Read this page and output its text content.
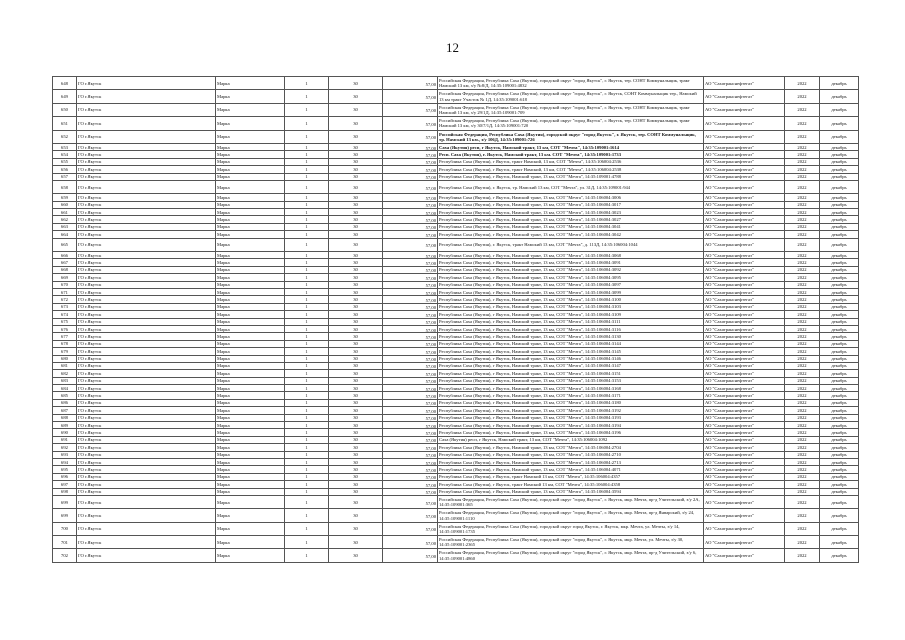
12
648	ГО г.Якутск	Марка	1	30	57,00	Российская Федерация, Республика Саха (Якутия), городской округ "город Якутск", г. Якутск, тер. СОНТ Коммунальщик, тракт Намский 13 км, з/у №8/Д, 14:35:109001:4832	АО "Сахатранснефтегаз"	2022	декабрь
649	ГО г.Якутск	Марка	1	30	57,00	Российская Федерация, Республика Саха (Якутия), городской округ "город Якутск", г. Якутск, СОНТ Коммунальщик тер., Намский 13 км тракт Участок № 1Д, 14:35:109001:618	АО "Сахатранснефтегаз"	2022	декабрь
650	ГО г.Якутск	Марка	1	30	57,00	Российская Федерация, Республика Саха (Якутия), городской округ "город Якутск", г. Якутск, тер. СОНТ Коммунальщик, тракт Намский 13 км, з/у 29/1Д, 14:35:109001:709	АО "Сахатранснефтегаз"	2022	декабрь
651	ГО г.Якутск	Марка	1	30	57,00	Российская Федерация, Республика Саха (Якутия), городской округ "город Якутск", г. Якутск, тер. СОНТ Коммунальщик, тракт Намский 13 км, з/у 30/7/1Д, 14:35:109001:720	АО "Сахатранснефтегаз"	2022	декабрь
652	ГО г.Якутск	Марка	1	30	57,00	Российская Федерация, Республика Саха (Якутия), городской округ "город Якутск", г. Якутск, тер. СОНТ Коммунальщик, тр. Намский 13 км., з/у 106Д, 14:35:109001:726	АО "Сахатранснефтегаз"	2022	декабрь
653	ГО г.Якутск	Марка	1	30	57,00	Саха (Якутия) респ, г Якутск, Намский тракт, 13 км, СОТ "Мечта", 14:35:109001:1614	АО "Сахатранснефтегаз"	2022	декабрь
654	ГО г.Якутск	Марка	1	30	57,00	Респ. Саха (Якутия), г. Якутск, Намский тракт, 13 км. СОТ "Мечта", 14:35:109001:1733	АО "Сахатранснефтегаз"	2022	декабрь
655	ГО г.Якутск	Марка	1	30	57,00	Республика Саха (Якутия), г Якутск, тракт Намский, 13 км, СОТ "Мечта", 14:35:106004:2536	АО "Сахатранснефтегаз"	2022	декабрь
656	ГО г.Якутск	Марка	1	30	57,00	Республика Саха (Якутия), г Якутск, тракт Намский, 13 км, СОТ "Мечта", 14:35:106004:2538	АО "Сахатранснефтегаз"	2022	декабрь
657	ГО г.Якутск	Марка	1	30	57,00	Республика Саха (Якутия), г Якутск, Намский тракт, 13 км, СОТ "Мечта", 14:35:109001:4788	АО "Сахатранснефтегаз"	2022	декабрь
658	ГО г.Якутск	Марка	1	30	57,00	Республика Саха (Якутия), г. Якутск, тр. Намский 13 км, СОТ "Мечта", ул. 31Д, 14:35:109001:944	АО "Сахатранснефтегаз"	2022	декабрь
659	ГО г.Якутск	Марка	1	30	57,00	Республика Саха (Якутия), г Якутск, Намский тракт, 13 км, СОТ "Мечта", 14:35:106004:3006	АО "Сахатранснефтегаз"	2022	декабрь
660	ГО г.Якутск	Марка	1	30	57,00	Республика Саха (Якутия), г Якутск, Намский тракт, 13 км, СОТ "Мечта", 14:35:106004:3017	АО "Сахатранснефтегаз"	2022	декабрь
661	ГО г.Якутск	Марка	1	30	57,00	Республика Саха (Якутия), г Якутск, Намский тракт, 13 км, СОТ "Мечта", 14:35:106004:3023	АО "Сахатранснефтегаз"	2022	декабрь
662	ГО г.Якутск	Марка	1	30	57,00	Республика Саха (Якутия), г Якутск, Намский тракт, 13 км, СОТ "Мечта", 14:35:106004:3027	АО "Сахатранснефтегаз"	2022	декабрь
663	ГО г.Якутск	Марка	1	30	57,00	Республика Саха (Якутия), г Якутск, Намский тракт, 13 км, СОТ "Мечта", 14:35:106004:3041	АО "Сахатранснефтегаз"	2022	декабрь
664	ГО г.Якутск	Марка	1	30	57,00	Республика Саха (Якутия), г Якутск, Намский тракт, 13 км, СОТ "Мечта", 14:35:106004:3042	АО "Сахатранснефтегаз"	2022	декабрь
665	ГО г.Якутск	Марка	1	30	57,00	Республика Саха (Якутия), г. Якутск, тракт Намский 13 км, СОТ "Мечта", д. 113Д, 14:35:106004:1044	АО "Сахатранснефтегаз"	2022	декабрь
666	ГО г.Якутск	Марка	1	30	57,00	Республика Саха (Якутия), г Якутск, Намский тракт, 13 км, СОТ "Мечта", 14:35:106004:3068	АО "Сахатранснефтегаз"	2022	декабрь
667	ГО г.Якутск	Марка	1	30	57,00	Республика Саха (Якутия), г Якутск, Намский тракт, 13 км, СОТ "Мечта", 14:35:106004:3091	АО "Сахатранснефтегаз"	2022	декабрь
668	ГО г.Якутск	Марка	1	30	57,00	Республика Саха (Якутия), г Якутск, Намский тракт, 13 км, СОТ "Мечта", 14:35:106004:3092	АО "Сахатранснефтегаз"	2022	декабрь
669	ГО г.Якутск	Марка	1	30	57,00	Республика Саха (Якутия), г Якутск, Намский тракт, 13 км, СОТ "Мечта", 14:35:106004:3095	АО "Сахатранснефтегаз"	2022	декабрь
670	ГО г.Якутск	Марка	1	30	57,00	Республика Саха (Якутия), г Якутск, Намский тракт, 13 км, СОТ "Мечта", 14:35:106004:3097	АО "Сахатранснефтегаз"	2022	декабрь
671	ГО г.Якутск	Марка	1	30	57,00	Республика Саха (Якутия), г Якутск, Намский тракт, 13 км, СОТ "Мечта", 14:35:106004:3099	АО "Сахатранснефтегаз"	2022	декабрь
672	ГО г.Якутск	Марка	1	30	57,00	Республика Саха (Якутия), г Якутск, Намский тракт, 13 км, СОТ "Мечта", 14:35:106004:3100	АО "Сахатранснефтегаз"	2022	декабрь
673	ГО г.Якутск	Марка	1	30	57,00	Республика Саха (Якутия), г Якутск, Намский тракт, 13 км, СОТ "Мечта", 14:35:106004:3103	АО "Сахатранснефтегаз"	2022	декабрь
674	ГО г.Якутск	Марка	1	30	57,00	Республика Саха (Якутия), г Якутск, Намский тракт, 13 км, СОТ "Мечта", 14:35:106004:3109	АО "Сахатранснефтегаз"	2022	декабрь
675	ГО г.Якутск	Марка	1	30	57,00	Республика Саха (Якутия), г Якутск, Намский тракт, 13 км, СОТ "Мечта", 14:35:106004:3111	АО "Сахатранснефтегаз"	2022	декабрь
676	ГО г.Якутск	Марка	1	30	57,00	Республика Саха (Якутия), г Якутск, Намский тракт, 13 км, СОТ "Мечта", 14:35:106004:3116	АО "Сахатранснефтегаз"	2022	декабрь
677	ГО г.Якутск	Марка	1	30	57,00	Республика Саха (Якутия), г Якутск, Намский тракт, 13 км, СОТ "Мечта", 14:35:106004:3130	АО "Сахатранснефтегаз"	2022	декабрь
678	ГО г.Якутск	Марка	1	30	57,00	Республика Саха (Якутия), г Якутск, Намский тракт, 13 км, СОТ "Мечта", 14:35:106004:3144	АО "Сахатранснефтегаз"	2022	декабрь
679	ГО г.Якутск	Марка	1	30	57,00	Республика Саха (Якутия), г Якутск, Намский тракт, 13 км, СОТ "Мечта", 14:35:106004:3145	АО "Сахатранснефтегаз"	2022	декабрь
680	ГО г.Якутск	Марка	1	30	57,00	Республика Саха (Якутия), г Якутск, Намский тракт, 13 км, СОТ "Мечта", 14:35:106004:3146	АО "Сахатранснефтегаз"	2022	декабрь
681	ГО г.Якутск	Марка	1	30	57,00	Республика Саха (Якутия), г Якутск, Намский тракт, 13 км, СОТ "Мечта", 14:35:106004:3147	АО "Сахатранснефтегаз"	2022	декабрь
682	ГО г.Якутск	Марка	1	30	57,00	Республика Саха (Якутия), г Якутск, Намский тракт, 13 км, СОТ "Мечта", 14:35:106004:3151	АО "Сахатранснефтегаз"	2022	декабрь
683	ГО г.Якутск	Марка	1	30	57,00	Республика Саха (Якутия), г Якутск, Намский тракт, 13 км, СОТ "Мечта", 14:35:106004:3153	АО "Сахатранснефтегаз"	2022	декабрь
684	ГО г.Якутск	Марка	1	30	57,00	Республика Саха (Якутия), г Якутск, Намский тракт, 13 км, СОТ "Мечта", 14:35:106004:3168	АО "Сахатранснефтегаз"	2022	декабрь
685	ГО г.Якутск	Марка	1	30	57,00	Республика Саха (Якутия), г Якутск, Намский тракт, 13 км, СОТ "Мечта", 14:35:106004:3171	АО "Сахатранснефтегаз"	2022	декабрь
686	ГО г.Якутск	Марка	1	30	57,00	Республика Саха (Якутия), г Якутск, Намский тракт, 13 км, СОТ "Мечта", 14:35:106004:3180	АО "Сахатранснефтегаз"	2022	декабрь
687	ГО г.Якутск	Марка	1	30	57,00	Республика Саха (Якутия), г Якутск, Намский тракт, 13 км, СОТ "Мечта", 14:35:106004:3192	АО "Сахатранснефтегаз"	2022	декабрь
688	ГО г.Якутск	Марка	1	30	57,00	Республика Саха (Якутия), г Якутск, Намский тракт, 13 км, СОТ "Мечта", 14:35:106004:3193	АО "Сахатранснефтегаз"	2022	декабрь
689	ГО г.Якутск	Марка	1	30	57,00	Республика Саха (Якутия), г Якутск, Намский тракт, 13 км, СОТ "Мечта", 14:35:106004:3194	АО "Сахатранснефтегаз"	2022	декабрь
690	ГО г.Якутск	Марка	1	30	57,00	Республика Саха (Якутия), г Якутск, Намский тракт, 13 км, СОТ "Мечта", 14:35:106004:3196	АО "Сахатранснефтегаз"	2022	декабрь
691	ГО г.Якутск	Марка	1	30	57,00	Саха (Якутия) респ, г Якутск, Намский тракт, 13 км, СОТ "Мечта", 14:35:106004:1092	АО "Сахатранснефтегаз"	2022	декабрь
692	ГО г.Якутск	Марка	1	30	57,00	Республика Саха (Якутия), г Якутск, Намский тракт, 13 км, СОТ "Мечта", 14:35:106004:2704	АО "Сахатранснефтегаз"	2022	декабрь
693	ГО г.Якутск	Марка	1	30	57,00	Республика Саха (Якутия), г Якутск, Намский тракт, 13 км, СОТ "Мечта", 14:35:106004:2710	АО "Сахатранснефтегаз"	2022	декабрь
694	ГО г.Якутск	Марка	1	30	57,00	Республика Саха (Якутия), г Якутск, Намский тракт, 13 км, СОТ "Мечта", 14:35:106004:2713	АО "Сахатранснефтегаз"	2022	декабрь
695	ГО г.Якутск	Марка	1	30	57,00	Республика Саха (Якутия), г Якутск, Намский тракт, 13 км, СОТ "Мечта", 14:35:106004:4071	АО "Сахатранснефтегаз"	2022	декабрь
696	ГО г.Якутск	Марка	1	30	57,00	Республика Саха (Якутия), г Якутск, тракт Намский 13 км, СОТ "Мечта", 14:35:106004:4357	АО "Сахатранснефтегаз"	2022	декабрь
697	ГО г.Якутск	Марка	1	30	57,00	Республика Саха (Якутия), г Якутск, тракт Намский 13 км, СОТ "Мечта", 14:35:106004:4358	АО "Сахатранснефтегаз"	2022	декабрь
698	ГО г.Якутск	Марка	1	30	57,00	Республика Саха (Якутия), г Якутск, Намский тракт, 13 км, СОТ "Мечта", 14:35:106004:3594	АО "Сахатранснефтегаз"	2022	декабрь
699	ГО г.Якутск	Марка	1	30	57,00	Российская Федерация, Республика Саха (Якутия), городской округ "город Якутск", г. Якутск, мкр. Мечта, пр-д Учительский, з/у 2А, 14:35:109001:365	АО "Сахатранснефтегаз"	2022	декабрь
699	ГО г.Якутск	Марка	1	30	57,00	Российская Федерация, Республика Саха (Якутия), городской округ "город Якутск", г. Якутск, мкр. Мечта, пр-д Январский, з/у 24, 14:35:109001:1110	АО "Сахатранснефтегаз"	2022	декабрь
700	ГО г.Якутск	Марка	1	30	57,00	Российская Федерация, Республика Саха (Якутия), городской округ город Якутск, г. Якутск, мкр. Мечта, ул. Мечты, з/у 14, 14:35:109001:1735	АО "Сахатранснефтегаз"	2022	декабрь
701	ГО г.Якутск	Марка	1	30	57,00	Российская Федерация, Республика Саха (Якутия), городской округ "город Якутск", г. Якутск, мкр. Мечта, ул. Мечты, з/у 30, 14:35:109001:2365	АО "Сахатранснефтегаз"	2022	декабрь
702	ГО г.Якутск	Марка	1	30	57,00	Российская Федерация, Республика Саха (Якутия), городской округ "город Якутск", г. Якутск, мкр. Мечта, пр-д Учительский, з/у 6, 14:35:109001:4860	АО "Сахатранснефтегаз"	2022	декабрь
